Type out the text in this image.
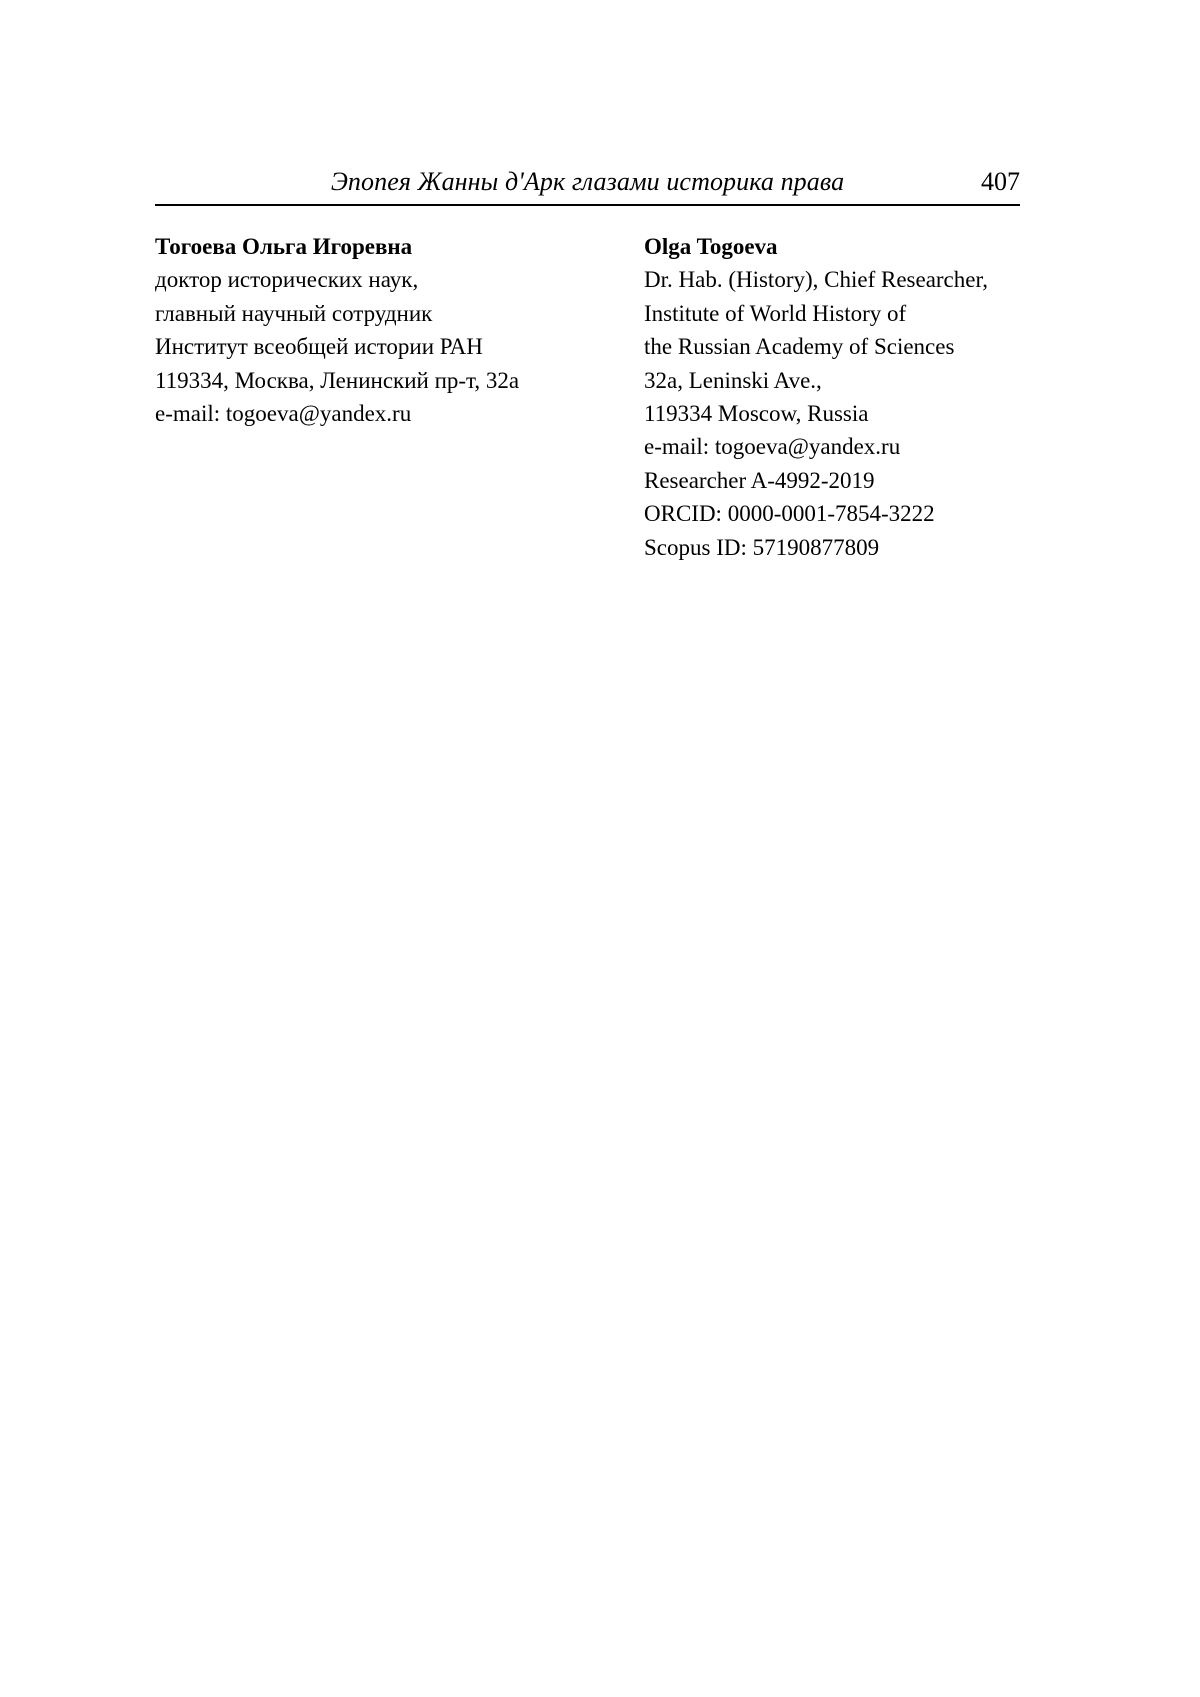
Эпопея Жанны д'Арк глазами историка права	407
Тогоева Ольга Игоревна
доктор исторических наук,
главный научный сотрудник
Институт всеобщей истории РАН
119334, Москва, Ленинский пр-т, 32а
e-mail: togoeva@yandex.ru
Olga Togoeva
Dr. Hab. (History), Chief Researcher,
Institute of World History of
the Russian Academy of Sciences
32a, Leninski Ave.,
119334 Moscow, Russia
e-mail: togoeva@yandex.ru
Researcher A-4992-2019
ORCID: 0000-0001-7854-3222
Scopus ID: 57190877809
